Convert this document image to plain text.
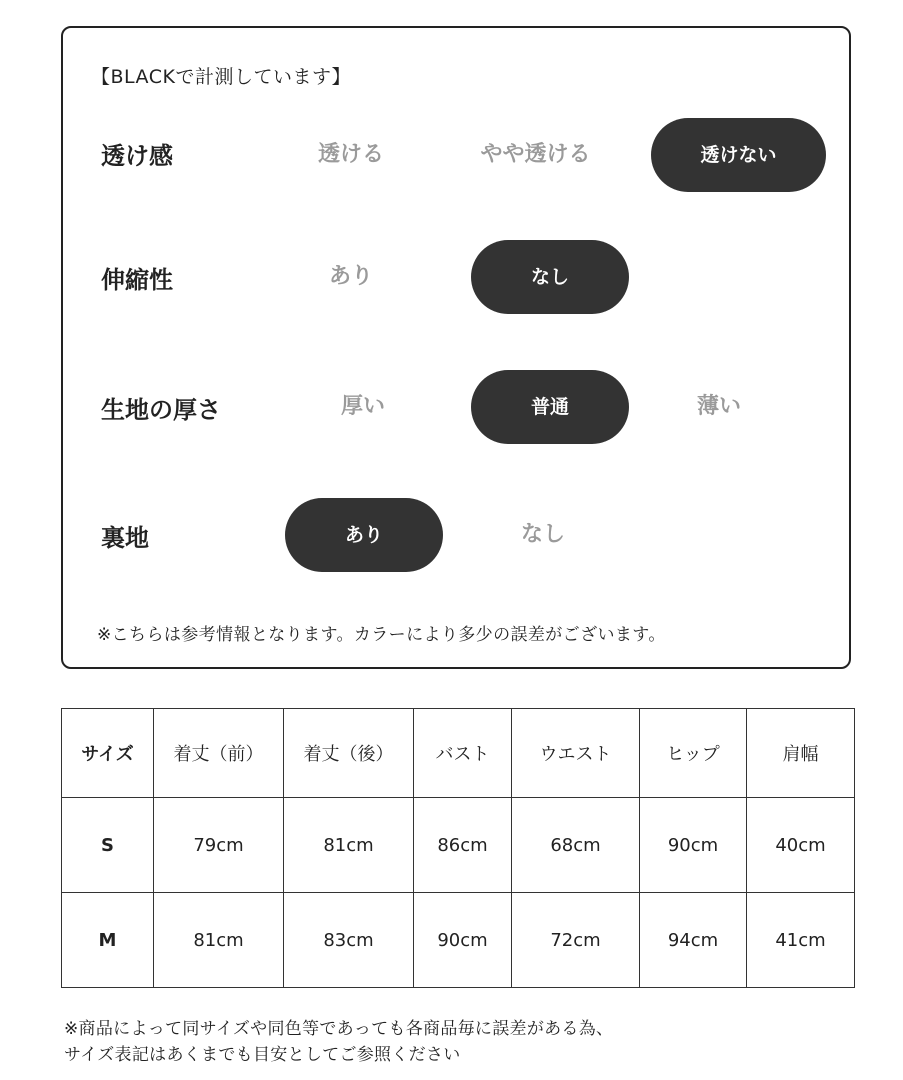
【BLACKで計測しています】
透け感	透ける	やや透ける	透けない
伸縮性	あり	なし
生地の厚さ	厚い	普通	薄い
裏地	あり	なし
※こちらは参考情報となります。カラーにより多少の誤差がございます。
サイズ	着丈（前）	着丈（後）	バスト	ウエスト	ヒップ	肩幅
S	79cm	81cm	86cm	68cm	90cm	40cm
M	81cm	83cm	90cm	72cm	94cm	41cm
※商品によって同サイズや同色等であっても各商品毎に誤差がある為、
サイズ表記はあくまでも目安としてご参照ください
